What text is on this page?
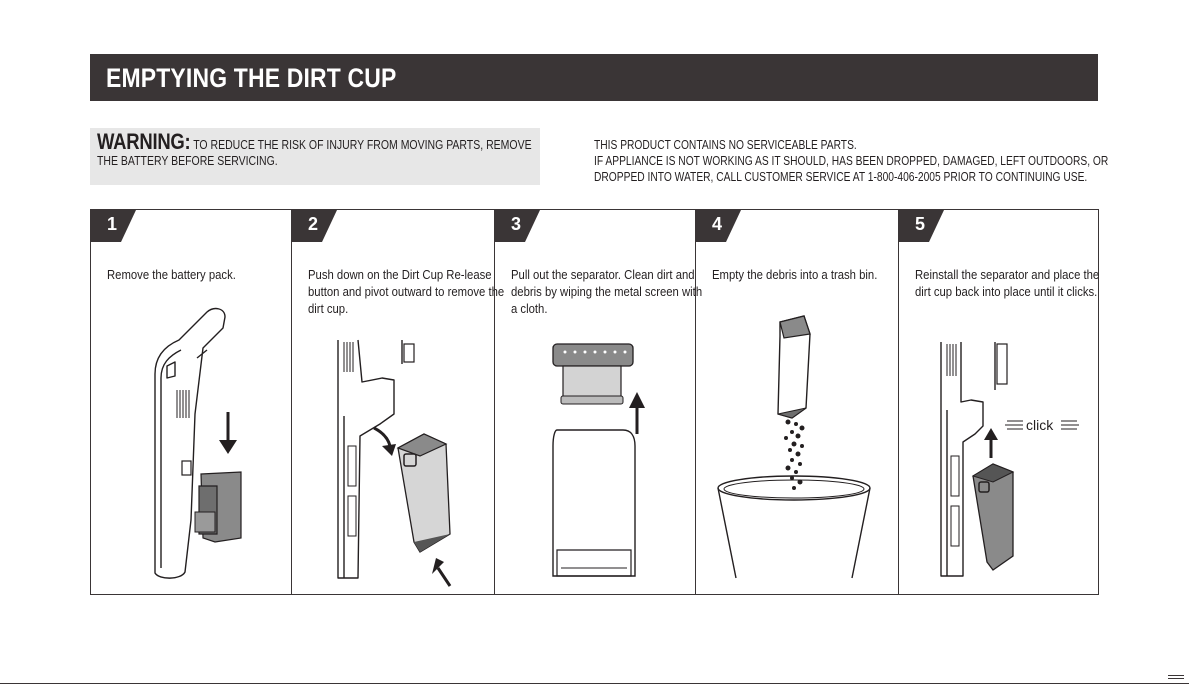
EMPTYING THE DIRT CUP
WARNING: TO REDUCE THE RISK OF INJURY FROM MOVING PARTS, REMOVE THE BATTERY BEFORE SERVICING.
THIS PRODUCT CONTAINS NO SERVICEABLE PARTS.
IF APPLIANCE IS NOT WORKING AS IT SHOULD, HAS BEEN DROPPED, DAMAGED, LEFT OUTDOORS, OR
DROPPED INTO WATER, CALL CUSTOMER SERVICE AT 1-800-406-2005 PRIOR TO CONTINUING USE.
1
Remove the battery pack.
2
Push down on the Dirt Cup Re-lease button and pivot outward to remove the dirt cup.
3
Pull out the separator. Clean dirt and debris by wiping the metal screen with a cloth.
4
Empty the debris into a trash bin.
5
Reinstall the separator and place the dirt cup back into place until it clicks.
click
